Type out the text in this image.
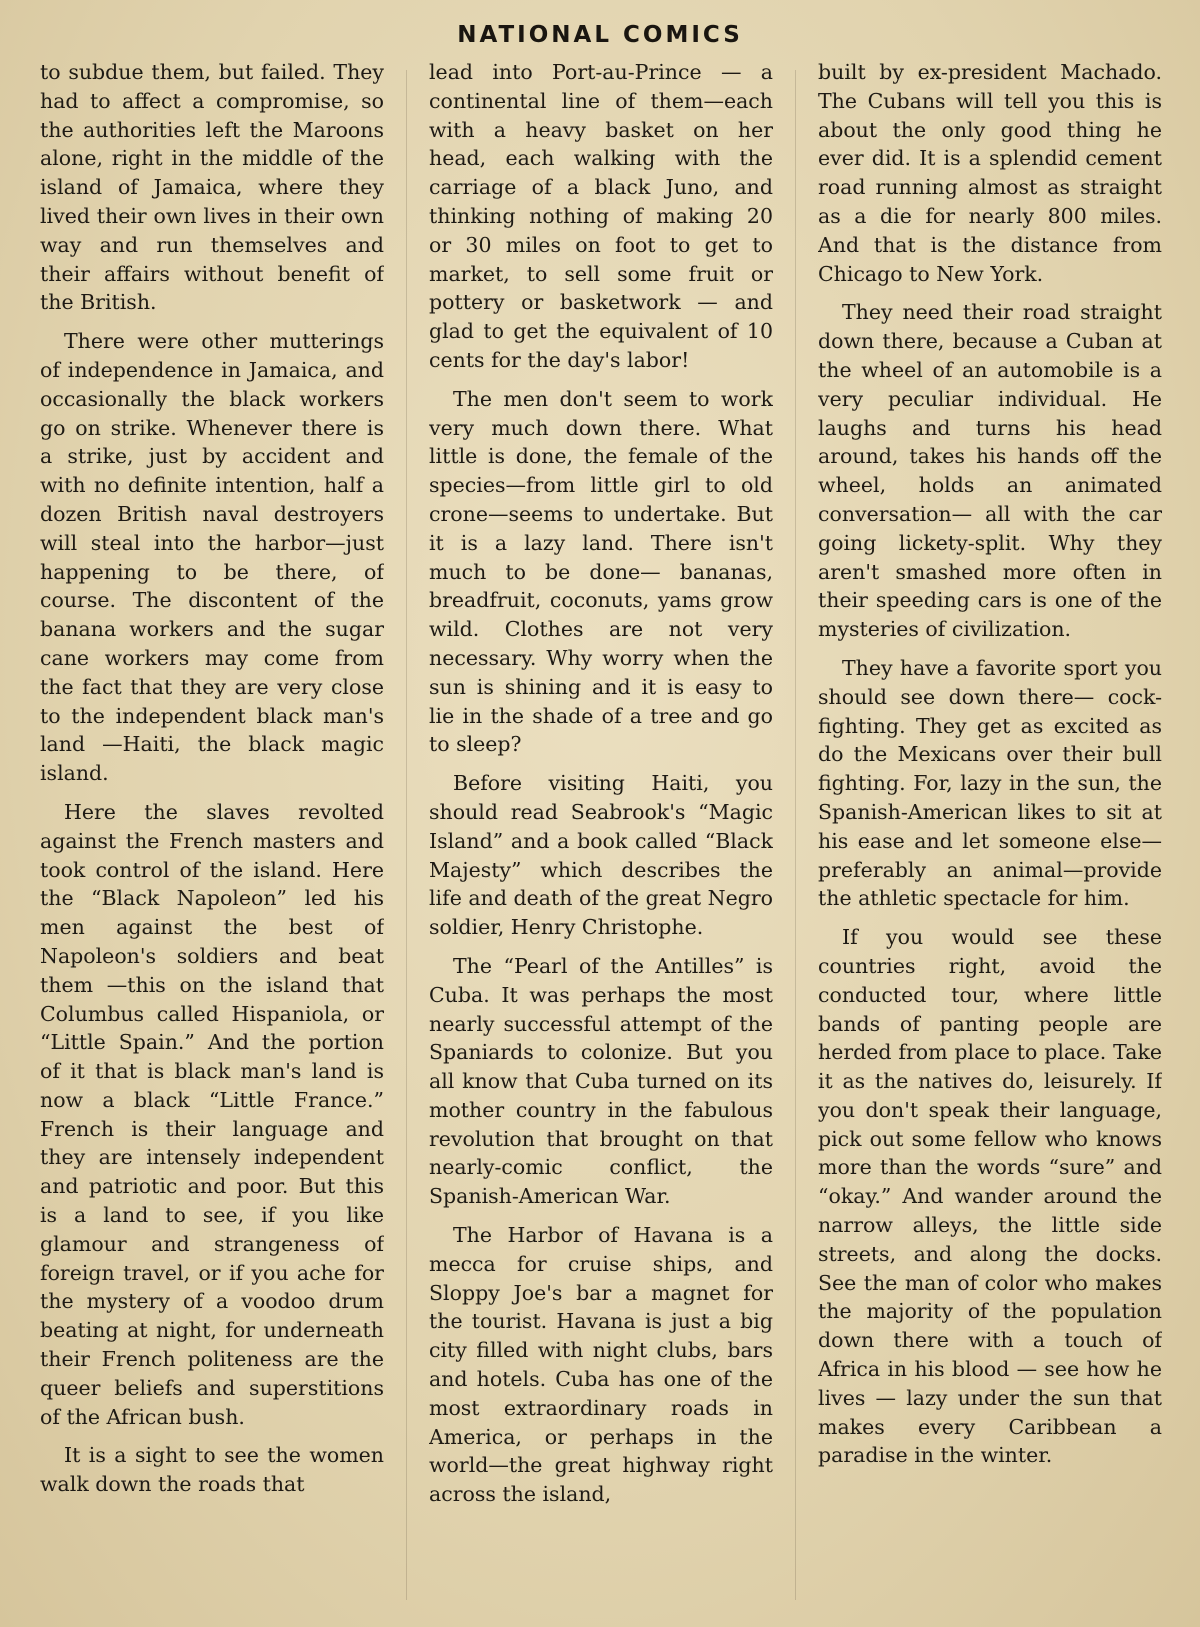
NATIONAL COMICS

to subdue them, but failed. They had to affect a compromise, so the authorities left the Maroons alone, right in the middle of the island of Jamaica, where they lived their own lives in their own way and run themselves and their affairs without benefit of the British.

There were other mutterings of independence in Jamaica, and occasionally the black workers go on strike. Whenever there is a strike, just by accident and with no definite intention, half a dozen British naval destroyers will steal into the harbor—just happening to be there, of course. The discontent of the banana workers and the sugar cane workers may come from the fact that they are very close to the independent black man's land —Haiti, the black magic island.

Here the slaves revolted against the French masters and took control of the island. Here the “Black Napoleon” led his men against the best of Napoleon's soldiers and beat them —this on the island that Columbus called Hispaniola, or “Little Spain.” And the portion of it that is black man's land is now a black “Little France.” French is their language and they are intensely independent and patriotic and poor. But this is a land to see, if you like glamour and strangeness of foreign travel, or if you ache for the mystery of a voodoo drum beating at night, for underneath their French politeness are the queer beliefs and superstitions of the African bush.

It is a sight to see the women walk down the roads that

lead into Port-au-Prince — a continental line of them—each with a heavy basket on her head, each walking with the carriage of a black Juno, and thinking nothing of making 20 or 30 miles on foot to get to market, to sell some fruit or pottery or basketwork — and glad to get the equivalent of 10 cents for the day's labor!

The men don't seem to work very much down there. What little is done, the female of the species—from little girl to old crone—seems to undertake. But it is a lazy land. There isn't much to be done— bananas, breadfruit, coconuts, yams grow wild. Clothes are not very necessary. Why worry when the sun is shining and it is easy to lie in the shade of a tree and go to sleep?

Before visiting Haiti, you should read Seabrook's “Magic Island” and a book called “Black Majesty” which describes the life and death of the great Negro soldier, Henry Christophe.

The “Pearl of the Antilles” is Cuba. It was perhaps the most nearly successful attempt of the Spaniards to colonize. But you all know that Cuba turned on its mother country in the fabulous revolution that brought on that nearly-comic conflict, the Spanish-American War.

The Harbor of Havana is a mecca for cruise ships, and Sloppy Joe's bar a magnet for the tourist. Havana is just a big city filled with night clubs, bars and hotels. Cuba has one of the most extraordinary roads in America, or perhaps in the world—the great highway right across the island,

built by ex-president Machado. The Cubans will tell you this is about the only good thing he ever did. It is a splendid cement road running almost as straight as a die for nearly 800 miles. And that is the distance from Chicago to New York.

They need their road straight down there, because a Cuban at the wheel of an automobile is a very peculiar individual. He laughs and turns his head around, takes his hands off the wheel, holds an animated conversation— all with the car going lickety-split. Why they aren't smashed more often in their speeding cars is one of the mysteries of civilization.

They have a favorite sport you should see down there— cock-fighting. They get as excited as do the Mexicans over their bull fighting. For, lazy in the sun, the Spanish-American likes to sit at his ease and let someone else—preferably an animal—provide the athletic spectacle for him.

If you would see these countries right, avoid the conducted tour, where little bands of panting people are herded from place to place. Take it as the natives do, leisurely. If you don't speak their language, pick out some fellow who knows more than the words “sure” and “okay.” And wander around the narrow alleys, the little side streets, and along the docks. See the man of color who makes the majority of the population down there with a touch of Africa in his blood — see how he lives — lazy under the sun that makes every Caribbean a paradise in the winter.
